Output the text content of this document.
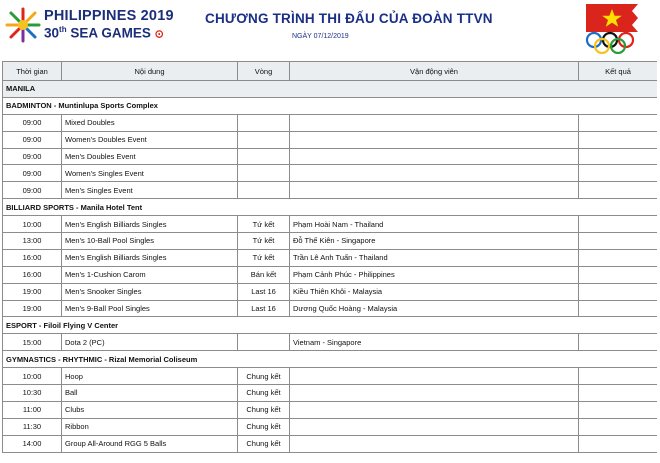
PHILIPPINES 2019
30th SEA GAMES ⊙
CHƯƠNG TRÌNH THI ĐẤU CỦA ĐOÀN TTVN
NGÀY 07/12/2019
Thời gian	Nội dung	Vòng	Vận động viên	Kết quả
MANILA				
BADMINTON - Muntinlupa Sports Complex				
09:00	Mixed Doubles			
09:00	Women's Doubles Event			
09:00	Men's Doubles Event			
09:00	Women's Singles Event			
09:00	Men's Singles Event			
BILLIARD SPORTS - Manila Hotel Tent				
10:00	Men's English Billiards Singles	Tứ kết	Phạm Hoài Nam - Thailand	
13:00	Men's 10-Ball Pool Singles	Tứ kết	Đỗ Thế Kiên - Singapore	
16:00	Men's English Billiards Singles	Tứ kết	Trần Lê Anh Tuấn - Thailand	
16:00	Men's 1-Cushion Carom	Bán kết	Phạm Cảnh Phúc - Philippines	
19:00	Men's Snooker Singles	Last 16	Kiều Thiên Khôi - Malaysia	
19:00	Men's 9-Ball Pool Singles	Last 16	Dương Quốc Hoàng - Malaysia	
ESPORT - Filoil Flying V Center				
15:00	Dota 2 (PC)		Vietnam - Singapore	
GYMNASTICS - RHYTHMIC - Rizal Memorial Coliseum				
10:00	Hoop	Chung kết		
10:30	Ball	Chung kết		
11:00	Clubs	Chung kết		
11:30	Ribbon	Chung kết		
14:00	Group All-Around RGG 5 Balls	Chung kết		
